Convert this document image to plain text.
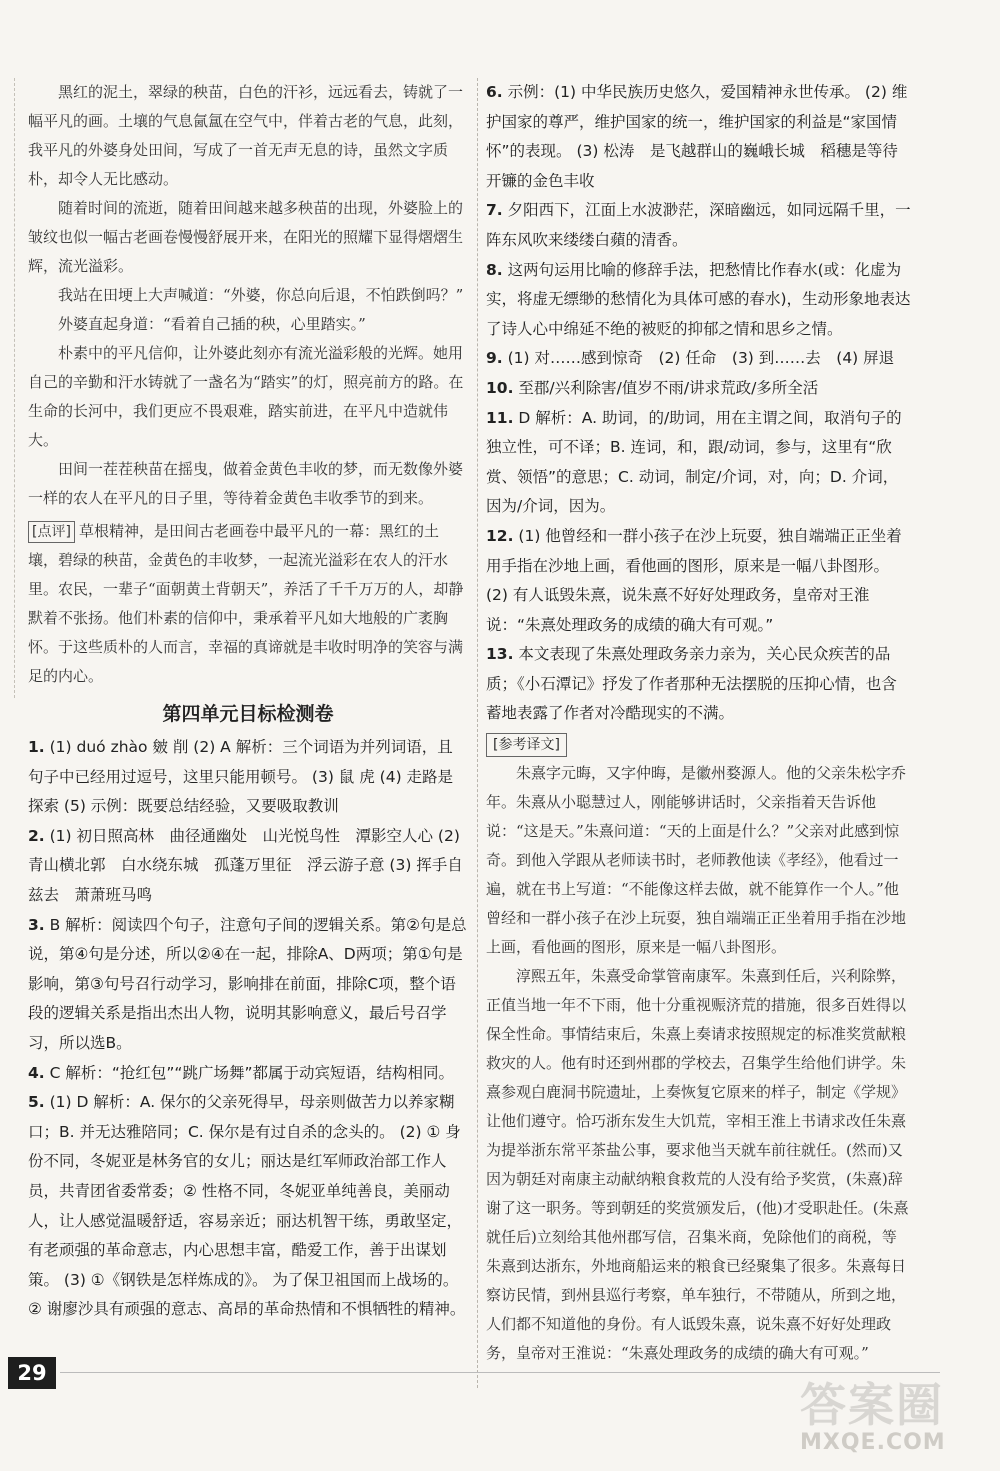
黑红的泥土，翠绿的秧苗，白色的汗衫，远远看去，铸就了一幅平凡的画。土壤的气息氤氲在空气中，伴着古老的气息，此刻，我平凡的外婆身处田间，写成了一首无声无息的诗，虽然文字质朴，却令人无比感动。

随着时间的流逝，随着田间越来越多秧苗的出现，外婆脸上的皱纹也似一幅古老画卷慢慢舒展开来，在阳光的照耀下显得熠熠生辉，流光溢彩。

我站在田埂上大声喊道：“外婆，你总向后退，不怕跌倒吗？”

外婆直起身道：“看着自己插的秧，心里踏实。”

朴素中的平凡信仰，让外婆此刻亦有流光溢彩般的光辉。她用自己的辛勤和汗水铸就了一盏名为“踏实”的灯，照亮前方的路。在生命的长河中，我们更应不畏艰难，踏实前进，在平凡中造就伟大。

田间一茬茬秧苗在摇曳，做着金黄色丰收的梦，而无数像外婆一样的农人在平凡的日子里，等待着金黄色丰收季节的到来。

[点评] 草根精神，是田间古老画卷中最平凡的一幕：黑红的土壤，碧绿的秧苗，金黄色的丰收梦，一起流光溢彩在农人的汗水里。农民，一辈子“面朝黄土背朝天”，养活了千千万万的人，却静默着不张扬。他们朴素的信仰中，秉承着平凡如大地般的广袤胸怀。于这些质朴的人而言，幸福的真谛就是丰收时明净的笑容与满足的内心。

第四单元目标检测卷

1. (1) duó zhào 皴 削 (2) A 解析：三个词语为并列词语，且句子中已经用过逗号，这里只能用顿号。 (3) 鼠 虎 (4) 走路是探索 (5) 示例：既要总结经验，又要吸取教训

2. (1) 初日照高林　曲径通幽处　山光悦鸟性　潭影空人心 (2) 青山横北郭　白水绕东城　孤蓬万里征　浮云游子意 (3) 挥手自兹去　萧萧班马鸣

3. B 解析：阅读四个句子，注意句子间的逻辑关系。第②句是总说，第④句是分述，所以②④在一起，排除A、D两项；第①句是影响，第③句号召行动学习，影响排在前面，排除C项，整个语段的逻辑关系是指出杰出人物，说明其影响意义，最后号召学习，所以选B。

4. C 解析：“抢红包”“跳广场舞”都属于动宾短语，结构相同。

5. (1) D 解析：A. 保尔的父亲死得早，母亲则做苦力以养家糊口；B. 并无达雅陪同；C. 保尔是有过自杀的念头的。 (2) ① 身份不同，冬妮亚是林务官的女儿；丽达是红军师政治部工作人员，共青团省委常委；② 性格不同，冬妮亚单纯善良，美丽动人，让人感觉温暖舒适，容易亲近；丽达机智干练，勇敢坚定，有老顽强的革命意志，内心思想丰富，酷爱工作，善于出谋划策。 (3) ①《钢铁是怎样炼成的》。 为了保卫祖国而上战场的。 ② 谢廖沙具有顽强的意志、高昂的革命热情和不惧牺牲的精神。

6. 示例：(1) 中华民族历史悠久，爱国精神永世传承。 (2) 维护国家的尊严，维护国家的统一，维护国家的利益是“家国情怀”的表现。 (3) 松涛　是飞越群山的巍峨长城　稻穗是等待开镰的金色丰收

7. 夕阳西下，江面上水波渺茫，深暗幽远，如同远隔千里，一阵东风吹来缕缕白蘋的清香。

8. 这两句运用比喻的修辞手法，把愁情比作春水(或：化虚为实，将虚无缥缈的愁情化为具体可感的春水)，生动形象地表达了诗人心中绵延不绝的被贬的抑郁之情和思乡之情。

9. (1) 对……感到惊奇　(2) 任命　(3) 到……去　(4) 屏退

10. 至郡/兴利除害/值岁不雨/讲求荒政/多所全活

11. D 解析：A. 助词，的/助词，用在主谓之间，取消句子的独立性，可不译；B. 连词，和，跟/动词，参与，这里有“欣赏、领悟”的意思；C. 动词，制定/介词，对，向；D. 介词，因为/介词，因为。

12. (1) 他曾经和一群小孩子在沙上玩耍，独自端端正正坐着用手指在沙地上画，看他画的图形，原来是一幅八卦图形。 (2) 有人诋毁朱熹，说朱熹不好好处理政务，皇帝对王淮说：“朱熹处理政务的成绩的确大有可观。”

13. 本文表现了朱熹处理政务亲力亲为，关心民众疾苦的品质；《小石潭记》抒发了作者那种无法摆脱的压抑心情，也含蓄地表露了作者对冷酷现实的不满。

[参考译文]

朱熹字元晦，又字仲晦，是徽州婺源人。他的父亲朱松字乔年。朱熹从小聪慧过人，刚能够讲话时，父亲指着天告诉他说：“这是天。”朱熹问道：“天的上面是什么？”父亲对此感到惊奇。到他入学跟从老师读书时，老师教他读《孝经》，他看过一遍，就在书上写道：“不能像这样去做，就不能算作一个人。”他曾经和一群小孩子在沙上玩耍，独自端端正正坐着用手指在沙地上画，看他画的图形，原来是一幅八卦图形。

淳熙五年，朱熹受命掌管南康军。朱熹到任后，兴利除弊，正值当地一年不下雨，他十分重视赈济荒的措施，很多百姓得以保全性命。事情结束后，朱熹上奏请求按照规定的标准奖赏献粮救灾的人。他有时还到州郡的学校去，召集学生给他们讲学。朱熹参观白鹿洞书院遗址，上奏恢复它原来的样子，制定《学规》让他们遵守。恰巧浙东发生大饥荒，宰相王淮上书请求改任朱熹为提举浙东常平茶盐公事，要求他当天就车前往就任。(然而)又因为朝廷对南康主动献纳粮食救荒的人没有给予奖赏，(朱熹)辞谢了这一职务。等到朝廷的奖赏颁发后，(他)才受职赴任。(朱熹就任后)立刻给其他州郡写信，召集米商，免除他们的商税，等朱熹到达浙东，外地商船运来的粮食已经聚集了很多。朱熹每日察访民情，到州县巡行考察，单车独行，不带随从，所到之地，人们都不知道他的身份。有人诋毁朱熹，说朱熹不好好处理政务，皇帝对王淮说：“朱熹处理政务的成绩的确大有可观。”

29
答案圈
MXQE.COM
